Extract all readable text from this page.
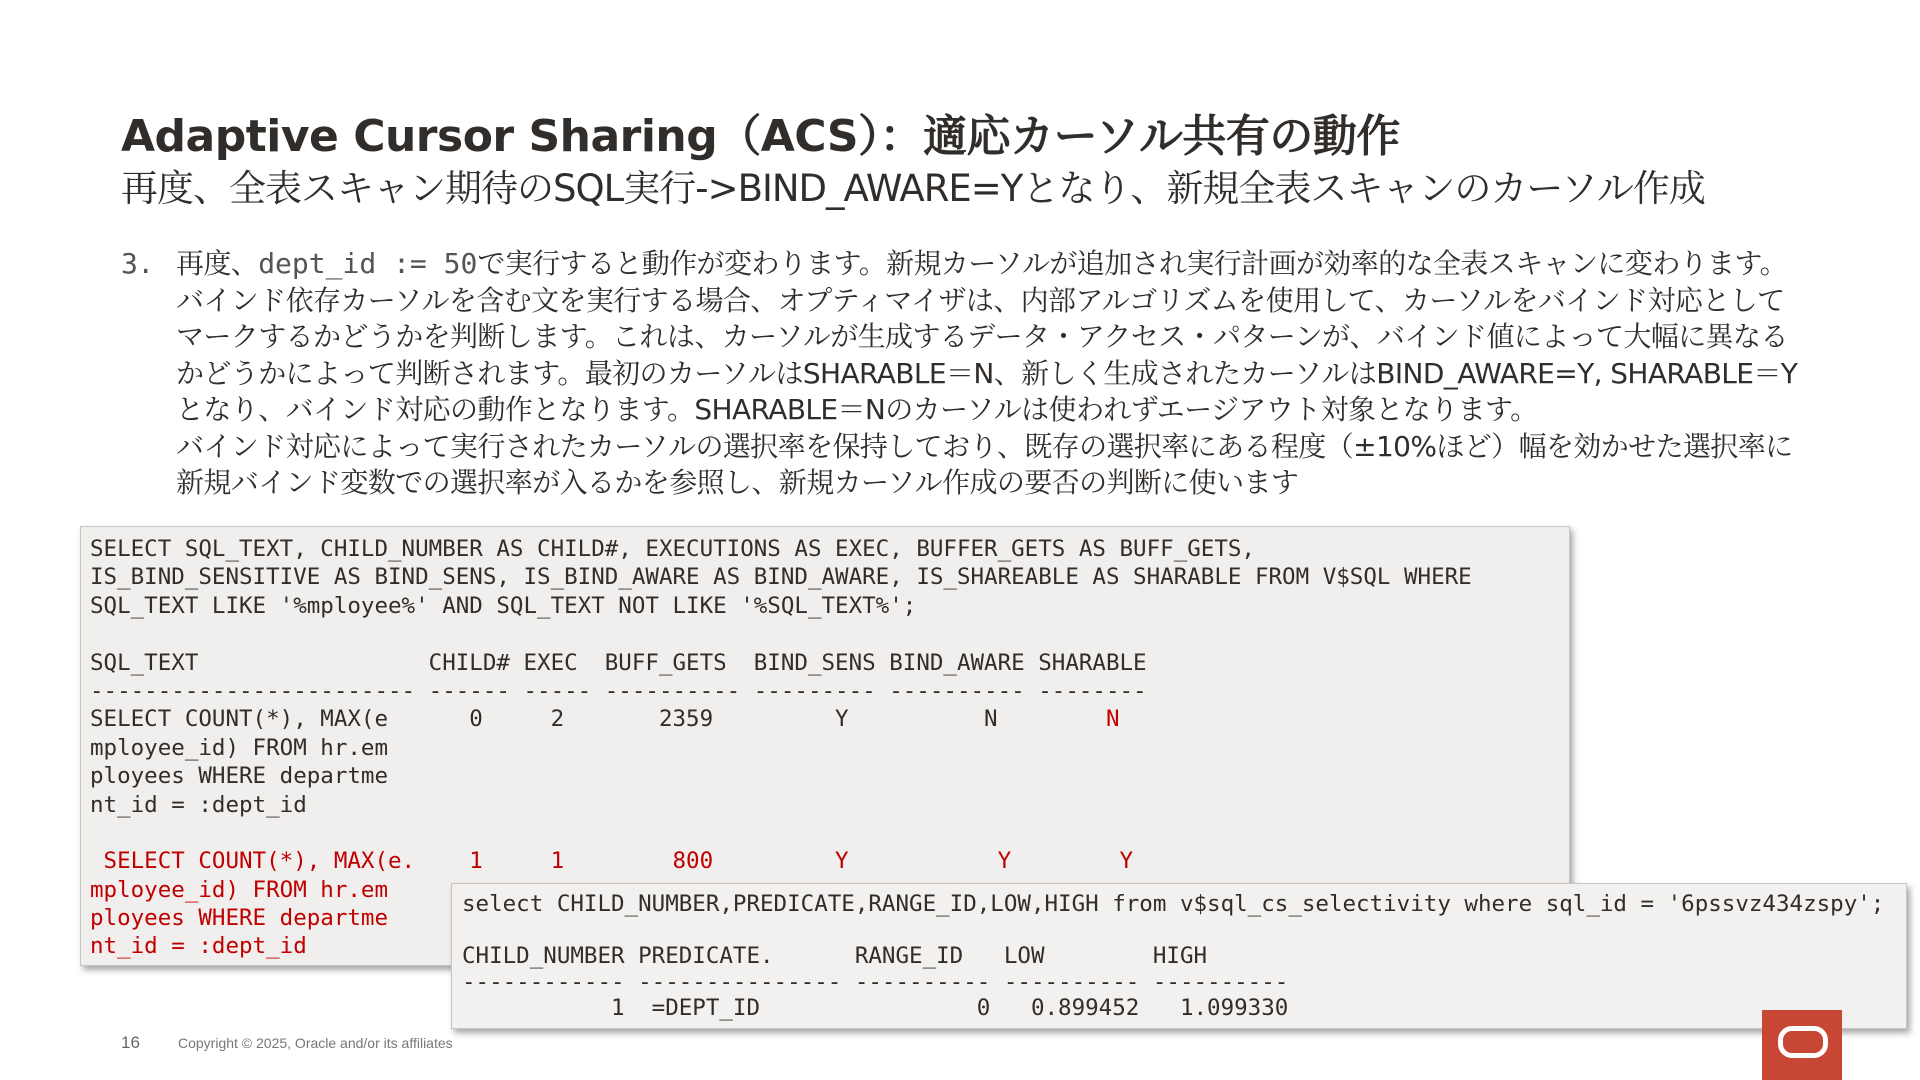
Adaptive Cursor Sharing（ACS）：適応カーソル共有の動作
再度、全表スキャン期待のSQL実行->BIND_AWARE=Yとなり、新規全表スキャンのカーソル作成
3. 再度、dept_id := 50で実行すると動作が変わります。新規カーソルが追加され実行計画が効率的な全表スキャンに変わります。バインド依存カーソルを含む文を実行する場合、オプティマイザは、内部アルゴリズムを使用して、カーソルをバインド対応としてマークするかどうかを判断します。これは、カーソルが生成するデータ・アクセス・パターンが、バインド値によって大幅に異なるかどうかによって判断されます。最初のカーソルはSHARABLE＝N、新しく生成されたカーソルはBIND_AWARE=Y, SHARABLE＝Yとなり、バインド対応の動作となります。SHARABLE＝Nのカーソルは使われずエージアウト対象となります。
バインド対応によって実行されたカーソルの選択率を保持しており、既存の選択率にある程度（±10%ほど）幅を効かせた選択率に新規バインド変数での選択率が入るかを参照し、新規カーソル作成の要否の判断に使います
SELECT SQL_TEXT, CHILD_NUMBER AS CHILD#, EXECUTIONS AS EXEC, BUFFER_GETS AS BUFF_GETS,
IS_BIND_SENSITIVE AS BIND_SENS, IS_BIND_AWARE AS BIND_AWARE, IS_SHAREABLE AS SHARABLE FROM V$SQL WHERE
SQL_TEXT LIKE '%mployee%' AND SQL_TEXT NOT LIKE '%SQL_TEXT%';
SQL_TEXT                 CHILD# EXEC  BUFF_GETS  BIND_SENS BIND_AWARE SHARABLE
------------------------ ------ ----- ---------- --------- ---------- --------
SELECT COUNT(*), MAX(e      0     2       2359         Y          N        N
mployee_id) FROM hr.em
ployees WHERE departme
nt_id = :dept_id
SELECT COUNT(*), MAX(e.    1     1        800         Y           Y        Y
mployee_id) FROM hr.em
ployees WHERE departme
nt_id = :dept_id
select CHILD_NUMBER,PREDICATE,RANGE_ID,LOW,HIGH from v$sql_cs_selectivity where sql_id = '6pssvz434zspy';
CHILD_NUMBER PREDICATE.      RANGE_ID   LOW        HIGH
------------ --------------- ---------- ---------- ----------
1  =DEPT_ID                0   0.899452   1.099330
16	Copyright © 2025, Oracle and/or its affiliates
